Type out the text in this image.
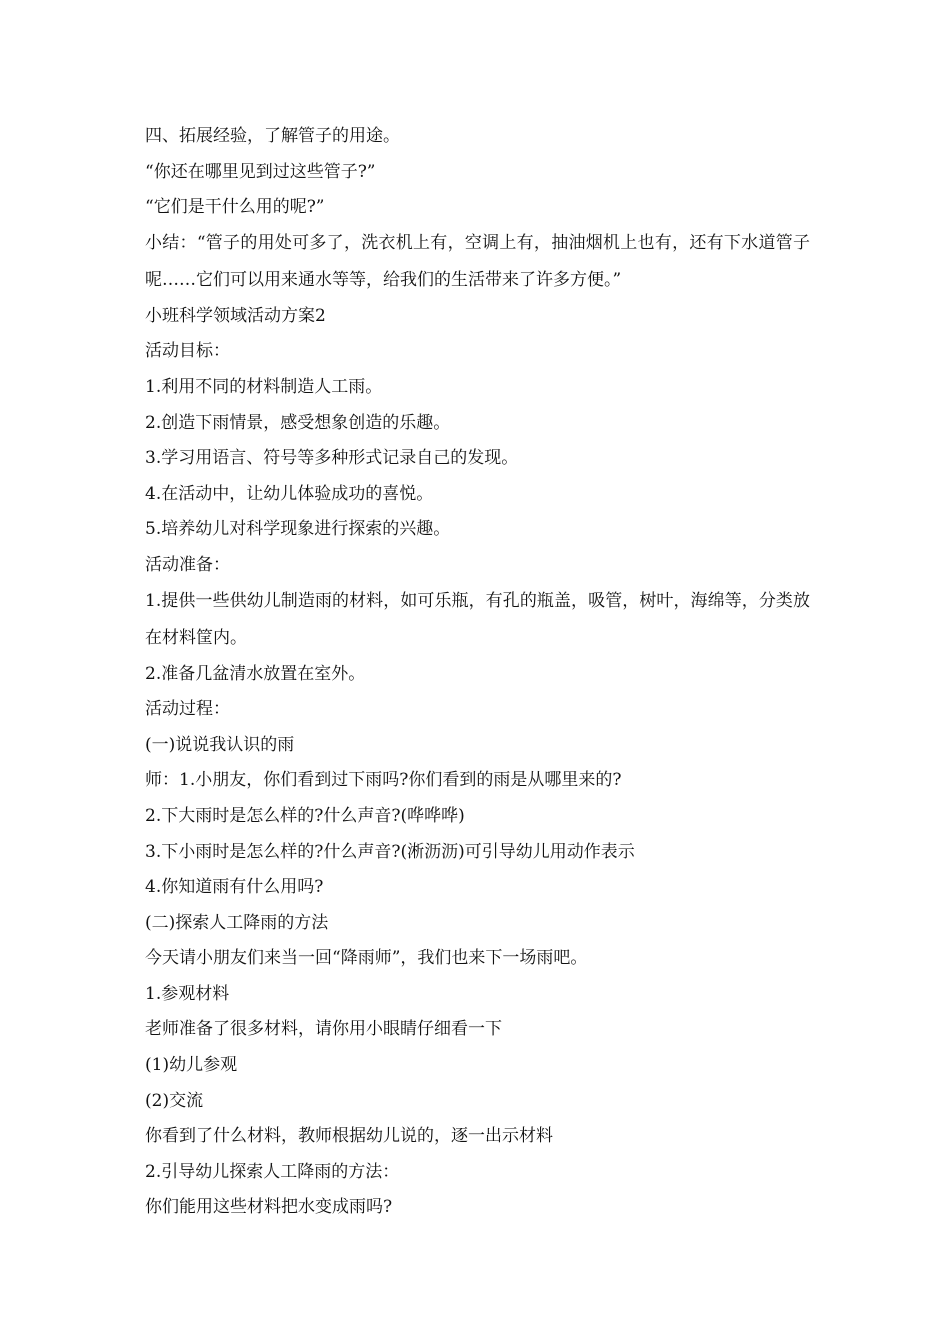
四、拓展经验，了解管子的用途。
“你还在哪里见到过这些管子?”
“它们是干什么用的呢?”
小结：“管子的用处可多了，洗衣机上有，空调上有，抽油烟机上也有，还有下水道管子呢……它们可以用来通水等等，给我们的生活带来了许多方便。”
小班科学领域活动方案2
活动目标：
1.利用不同的材料制造人工雨。
2.创造下雨情景，感受想象创造的乐趣。
3.学习用语言、符号等多种形式记录自己的发现。
4.在活动中，让幼儿体验成功的喜悦。
5.培养幼儿对科学现象进行探索的兴趣。
活动准备：
1.提供一些供幼儿制造雨的材料，如可乐瓶，有孔的瓶盖，吸管，树叶，海绵等，分类放在材料筐内。
2.准备几盆清水放置在室外。
活动过程：
(一)说说我认识的雨
师：1.小朋友，你们看到过下雨吗?你们看到的雨是从哪里来的?
2.下大雨时是怎么样的?什么声音?(哗哗哗)
3.下小雨时是怎么样的?什么声音?(淅沥沥)可引导幼儿用动作表示
4.你知道雨有什么用吗?
(二)探索人工降雨的方法
今天请小朋友们来当一回“降雨师”，我们也来下一场雨吧。
1.参观材料
老师准备了很多材料，请你用小眼睛仔细看一下
(1)幼儿参观
(2)交流
你看到了什么材料，教师根据幼儿说的，逐一出示材料
2.引导幼儿探索人工降雨的方法：
你们能用这些材料把水变成雨吗?
